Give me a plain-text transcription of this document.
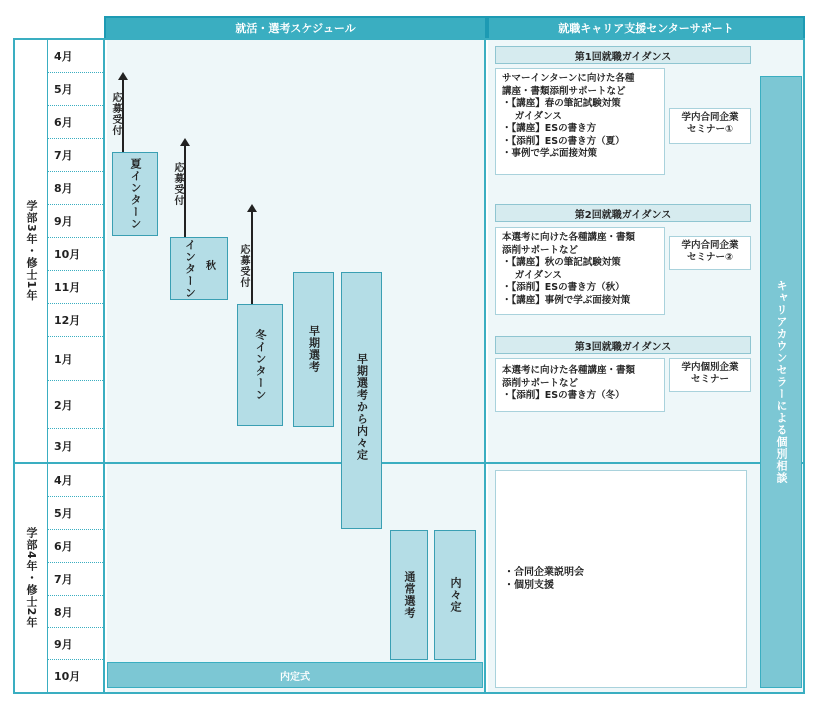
就活・選考スケジュール	就職キャリア支援センターサポート
学部3年・修士1年
4月
5月
6月
7月
8月
9月
10月
11月
12月
1月
2月
3月
学部4年・修士2年
4月
5月
6月
7月
8月
9月
10月
応募受付
夏インターン	応募受付
インターン 秋 応募受付
冬インターン	早期選考
早期選考から内々定
通常選考	内々定
内定式
第1回就職ガイダンス
サマーインターンに向けた各種
講座・書類添削サポートなど
・【講座】春の筆記試験対策
　 ガイダンス
・【講座】ESの書き方
・【添削】ESの書き方（夏）
・事例で学ぶ面接対策
学内合同企業
セミナー①
第2回就職ガイダンス
本選考に向けた各種講座・書類
添削サポートなど
・【講座】秋の筆記試験対策
　 ガイダンス
・【添削】ESの書き方（秋）
・【講座】事例で学ぶ面接対策
学内合同企業
セミナー②
第3回就職ガイダンス
本選考に向けた各種講座・書類
添削サポートなど
・【添削】ESの書き方（冬）
学内個別企業
セミナー
・合同企業説明会
・個別支援
キャリアカウンセラーによる個別相談
